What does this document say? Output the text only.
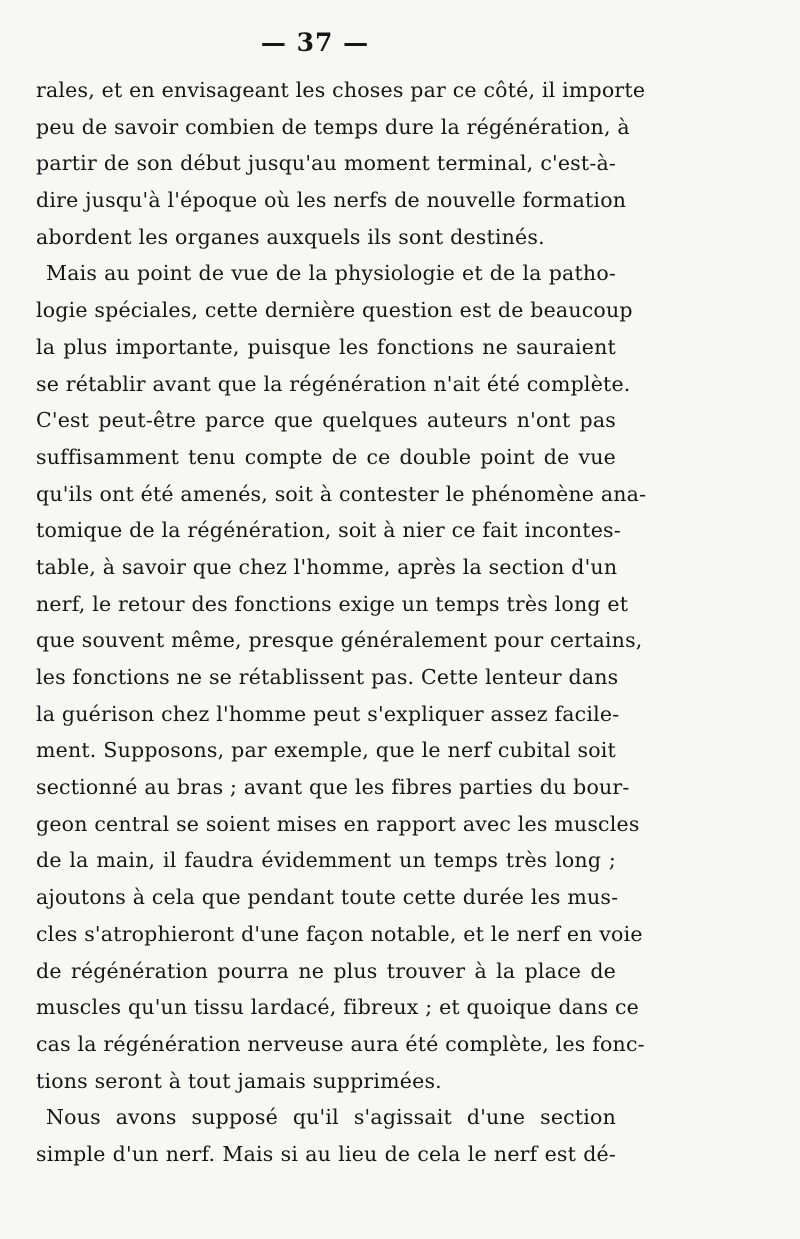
— 37 —
rales, et en envisageant les choses par ce côté, il importe
peu de savoir combien de temps dure la régénération, à
partir de son début jusqu'au moment terminal, c'est-à-
dire jusqu'à l'époque où les nerfs de nouvelle formation
abordent les organes auxquels ils sont destinés.
Mais au point de vue de la physiologie et de la patho-
logie spéciales, cette dernière question est de beaucoup
la plus importante, puisque les fonctions ne sauraient
se rétablir avant que la régénération n'ait été complète.
C'est peut-être parce que quelques auteurs n'ont pas
suffisamment tenu compte de ce double point de vue
qu'ils ont été amenés, soit à contester le phénomène ana-
tomique de la régénération, soit à nier ce fait incontes-
table, à savoir que chez l'homme, après la section d'un
nerf, le retour des fonctions exige un temps très long et
que souvent même, presque généralement pour certains,
les fonctions ne se rétablissent pas. Cette lenteur dans
la guérison chez l'homme peut s'expliquer assez facile-
ment. Supposons, par exemple, que le nerf cubital soit
sectionné au bras ; avant que les fibres parties du bour-
geon central se soient mises en rapport avec les muscles
de la main, il faudra évidemment un temps très long ;
ajoutons à cela que pendant toute cette durée les mus-
cles s'atrophieront d'une façon notable, et le nerf en voie
de régénération pourra ne plus trouver à la place de
muscles qu'un tissu lardacé, fibreux ; et quoique dans ce
cas la régénération nerveuse aura été complète, les fonc-
tions seront à tout jamais supprimées.
Nous avons supposé qu'il s'agissait d'une section
simple d'un nerf. Mais si au lieu de cela le nerf est dé-
